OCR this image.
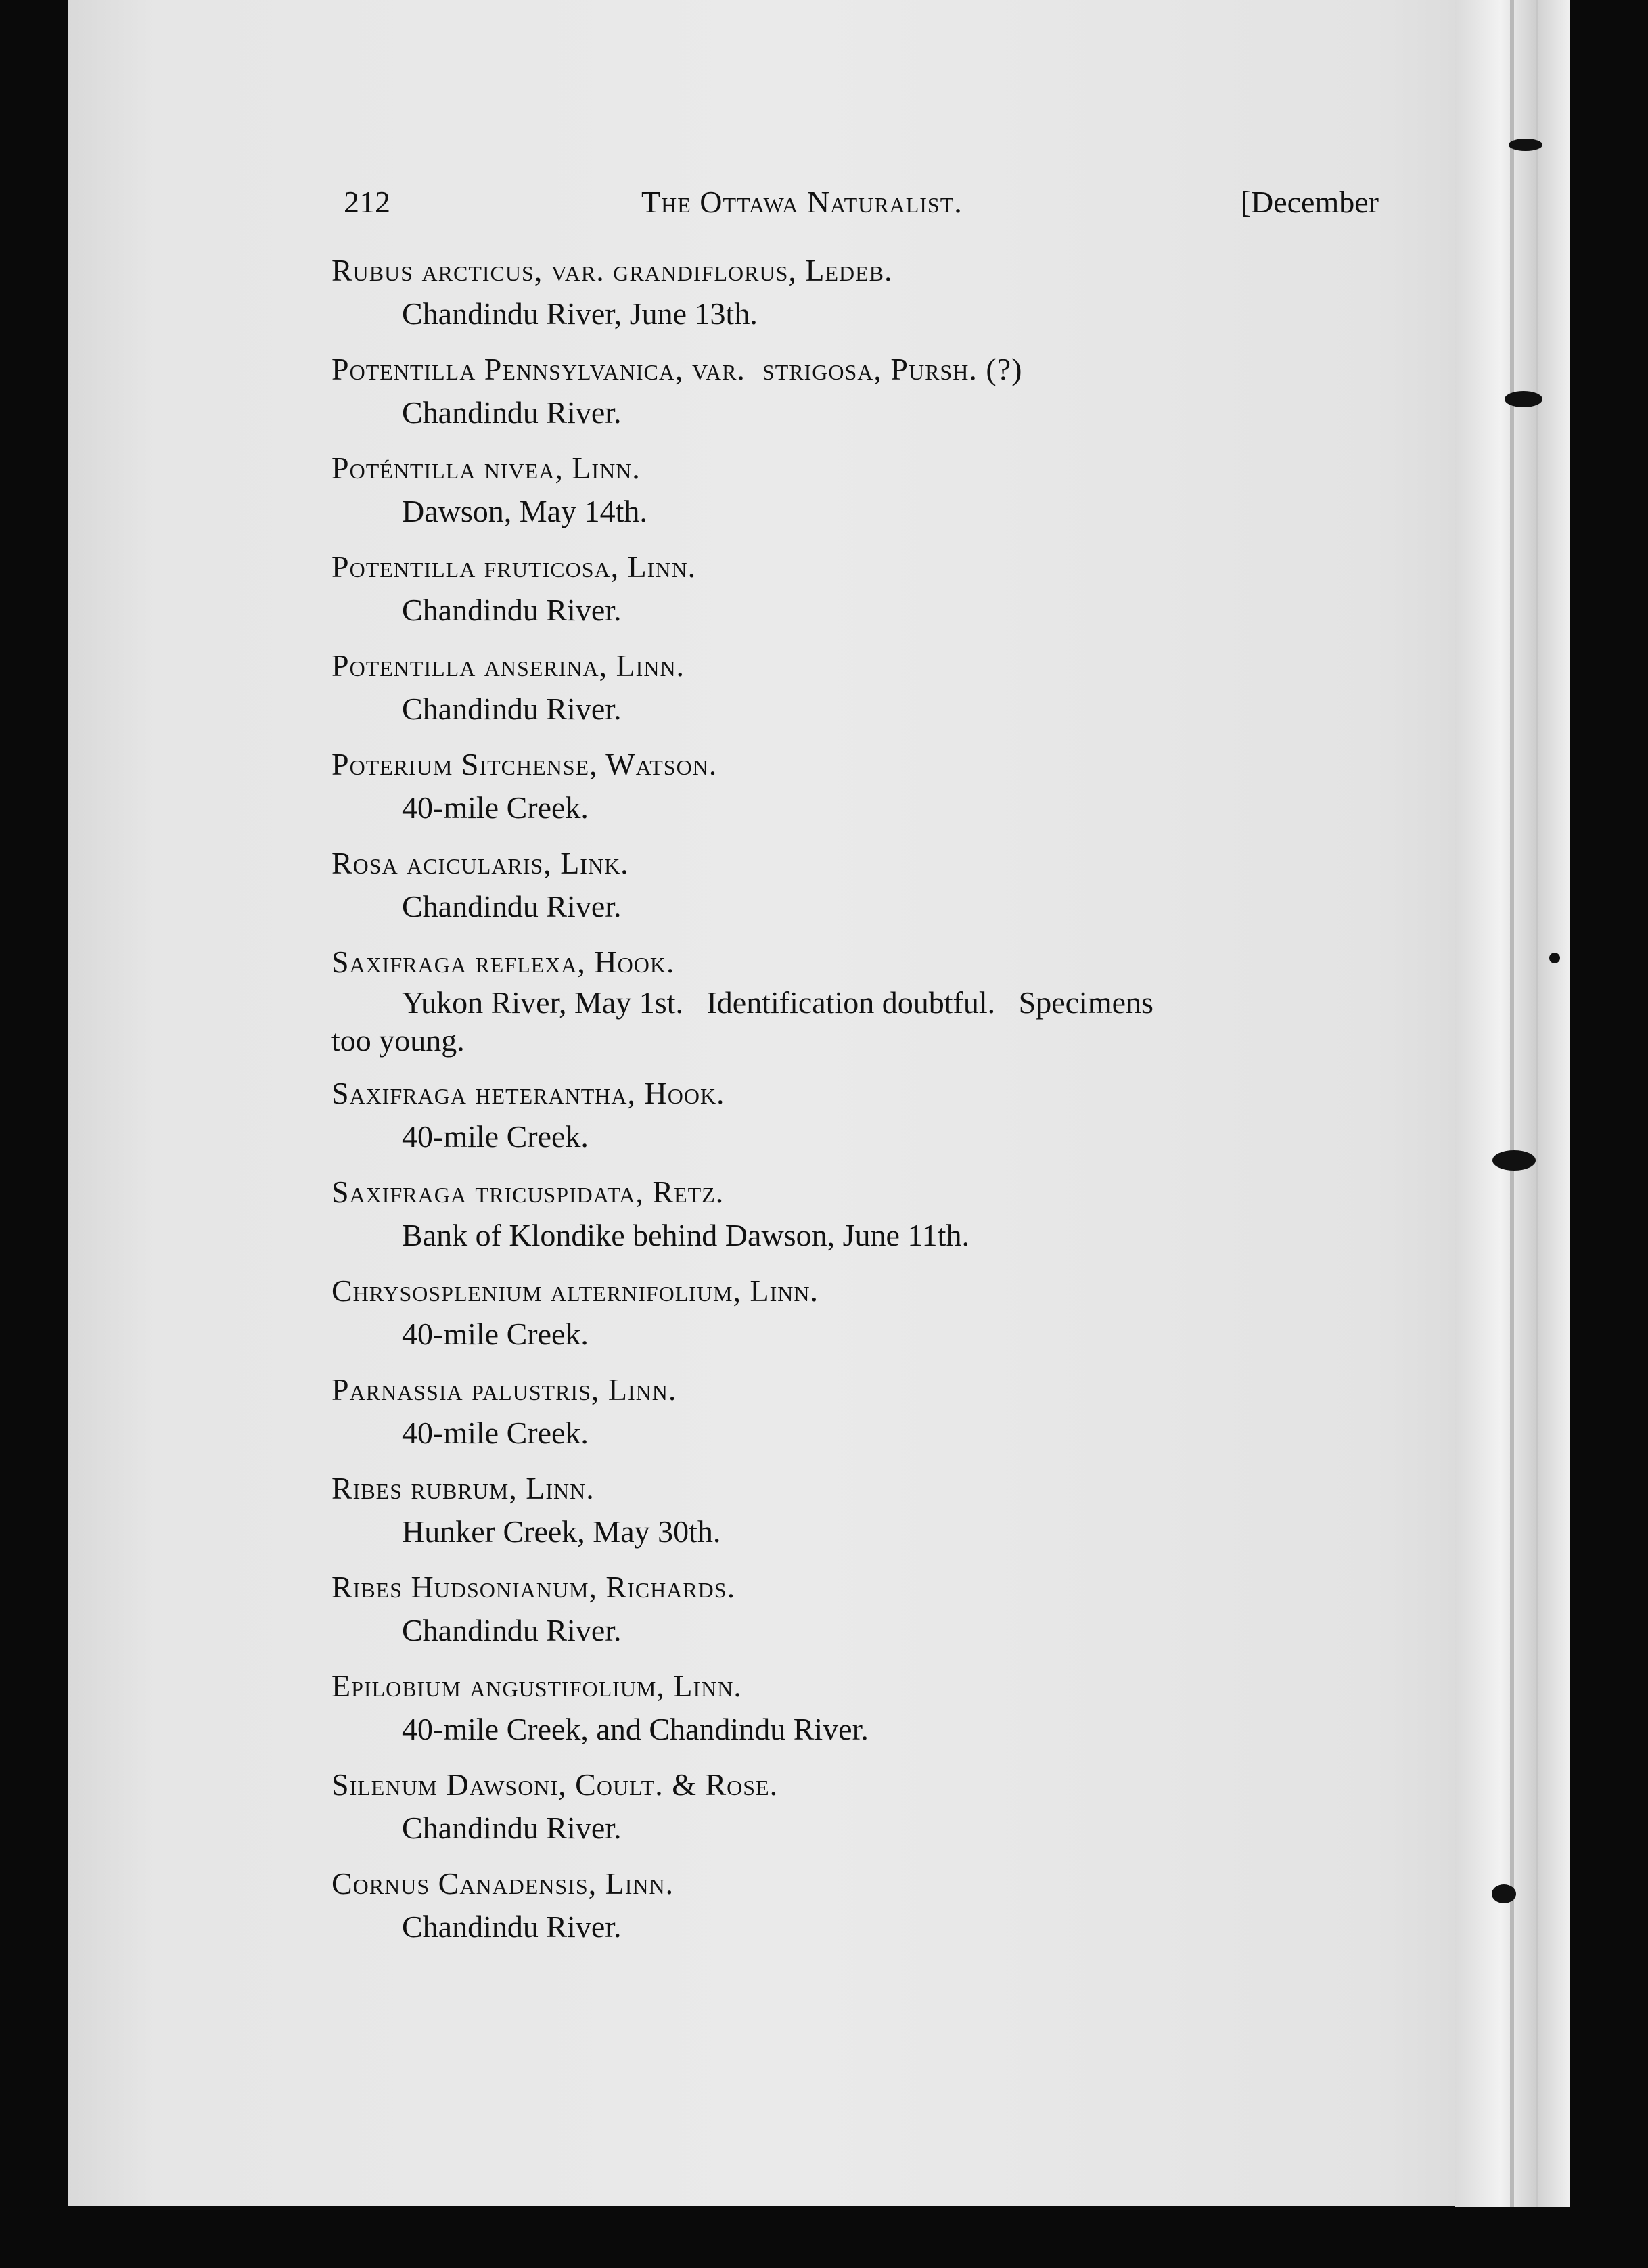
212	The Ottawa Naturalist.	[December
Rubus arcticus, var. grandiflorus, Ledeb.
Chandindu River, June 13th.
Potentilla Pennsylvanica, var.  strigosa, Pursh. (?)
Chandindu River.
Poténtilla nivea, Linn.
Dawson, May 14th.
Potentilla fruticosa, Linn.
Chandindu River.
Potentilla anserina, Linn.
Chandindu River.
Poterium Sitchense, Watson.
40-mile Creek.
Rosa acicularis, Link.
Chandindu River.
Saxifraga reflexa, Hook.
Yukon River, May 1st.   Identification doubtful.   Specimens
too young.
Saxifraga heterantha, Hook.
40-mile Creek.
Saxifraga tricuspidata, Retz.
Bank of Klondike behind Dawson, June 11th.
Chrysosplenium alternifolium, Linn.
40-mile Creek.
Parnassia palustris, Linn.
40-mile Creek.
Ribes rubrum, Linn.
Hunker Creek, May 30th.
Ribes Hudsonianum, Richards.
Chandindu River.
Epilobium angustifolium, Linn.
40-mile Creek, and Chandindu River.
Silenum Dawsoni, Coult. & Rose.
Chandindu River.
Cornus Canadensis, Linn.
Chandindu River.
